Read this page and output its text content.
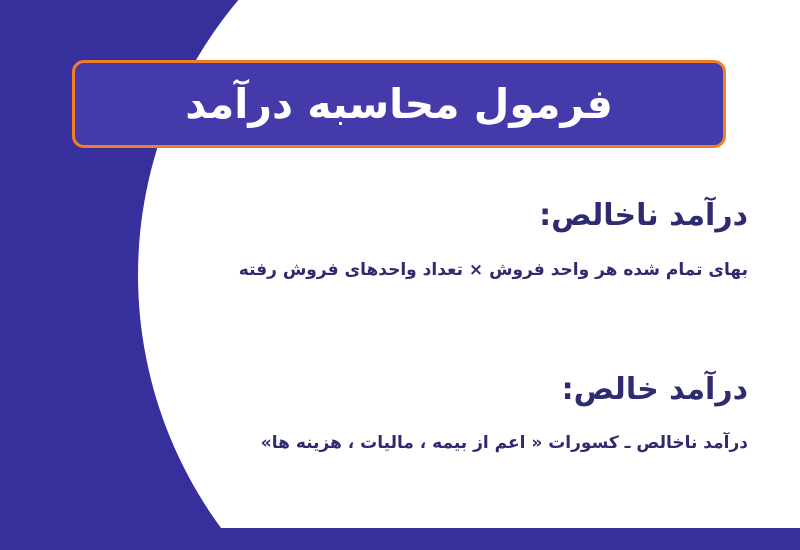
فرمول محاسبه درآمد

درآمد ناخالص:

بهای تمام شده هر واحد فروش × تعداد واحدهای فروش رفته

درآمد خالص:

درآمد ناخالص ـ کسورات « اعم از بیمه ، مالیات ، هزینه ها»
